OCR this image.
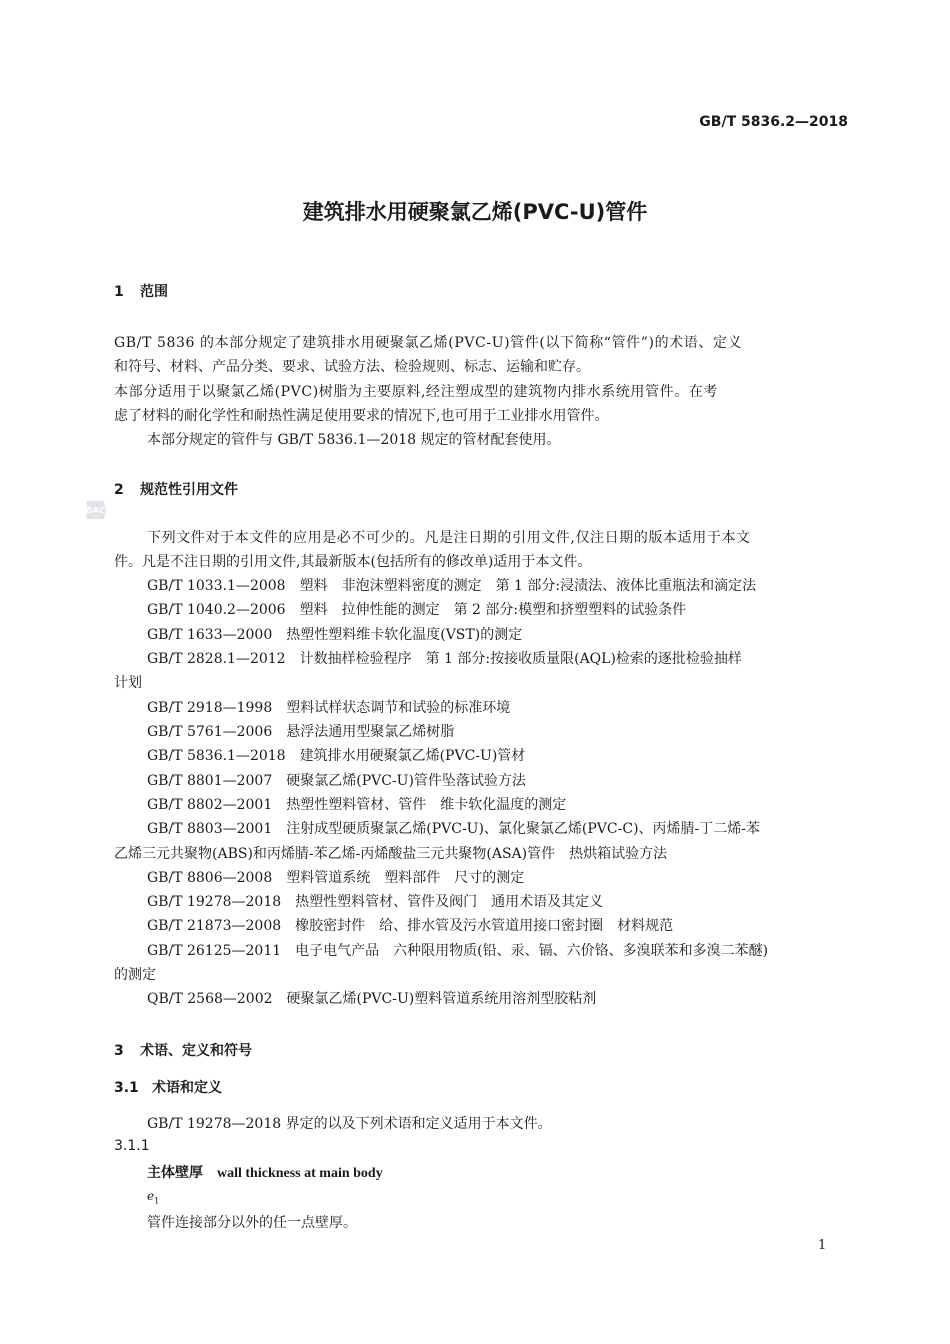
GB/T 5836.2—2018
建筑排水用硬聚氯乙烯(PVC-U)管件
1 范围
GB/T 5836 的本部分规定了建筑排水用硬聚氯乙烯(PVC-U)管件(以下简称“管件”)的术语、定义
和符号、材料、产品分类、要求、试验方法、检验规则、标志、运输和贮存。
本部分适用于以聚氯乙烯(PVC)树脂为主要原料,经注塑成型的建筑物内排水系统用管件。在考
虑了材料的耐化学性和耐热性满足使用要求的情况下,也可用于工业排水用管件。
本部分规定的管件与 GB/T 5836.1—2018 规定的管材配套使用。
2 规范性引用文件
SAC
下列文件对于本文件的应用是必不可少的。凡是注日期的引用文件,仅注日期的版本适用于本文
件。凡是不注日期的引用文件,其最新版本(包括所有的修改单)适用于本文件。
GB/T 1033.1—2008　塑料　非泡沫塑料密度的测定　第 1 部分:浸渍法、液体比重瓶法和滴定法
GB/T 1040.2—2006　塑料　拉伸性能的测定　第 2 部分:模塑和挤塑塑料的试验条件
GB/T 1633—2000　热塑性塑料维卡软化温度(VST)的测定
GB/T 2828.1—2012　计数抽样检验程序　第 1 部分:按接收质量限(AQL)检索的逐批检验抽样
计划
GB/T 2918—1998　塑料试样状态调节和试验的标准环境
GB/T 5761—2006　悬浮法通用型聚氯乙烯树脂
GB/T 5836.1—2018　建筑排水用硬聚氯乙烯(PVC-U)管材
GB/T 8801—2007　硬聚氯乙烯(PVC-U)管件坠落试验方法
GB/T 8802—2001　热塑性塑料管材、管件　维卡软化温度的测定
GB/T 8803—2001　注射成型硬质聚氯乙烯(PVC-U)、氯化聚氯乙烯(PVC-C)、丙烯腈-丁二烯-苯
乙烯三元共聚物(ABS)和丙烯腈-苯乙烯-丙烯酸盐三元共聚物(ASA)管件　热烘箱试验方法
GB/T 8806—2008　塑料管道系统　塑料部件　尺寸的测定
GB/T 19278—2018　热塑性塑料管材、管件及阀门　通用术语及其定义
GB/T 21873—2008　橡胶密封件　给、排水管及污水管道用接口密封圈　材料规范
GB/T 26125—2011　电子电气产品　六种限用物质(铅、汞、镉、六价铬、多溴联苯和多溴二苯醚)
的测定
QB/T 2568—2002　硬聚氯乙烯(PVC-U)塑料管道系统用溶剂型胶粘剂
3 术语、定义和符号
3.1 术语和定义
GB/T 19278—2018 界定的以及下列术语和定义适用于本文件。
3.1.1
主体壁厚 wall thickness at main body
$e_1$
管件连接部分以外的任一点壁厚。
1
